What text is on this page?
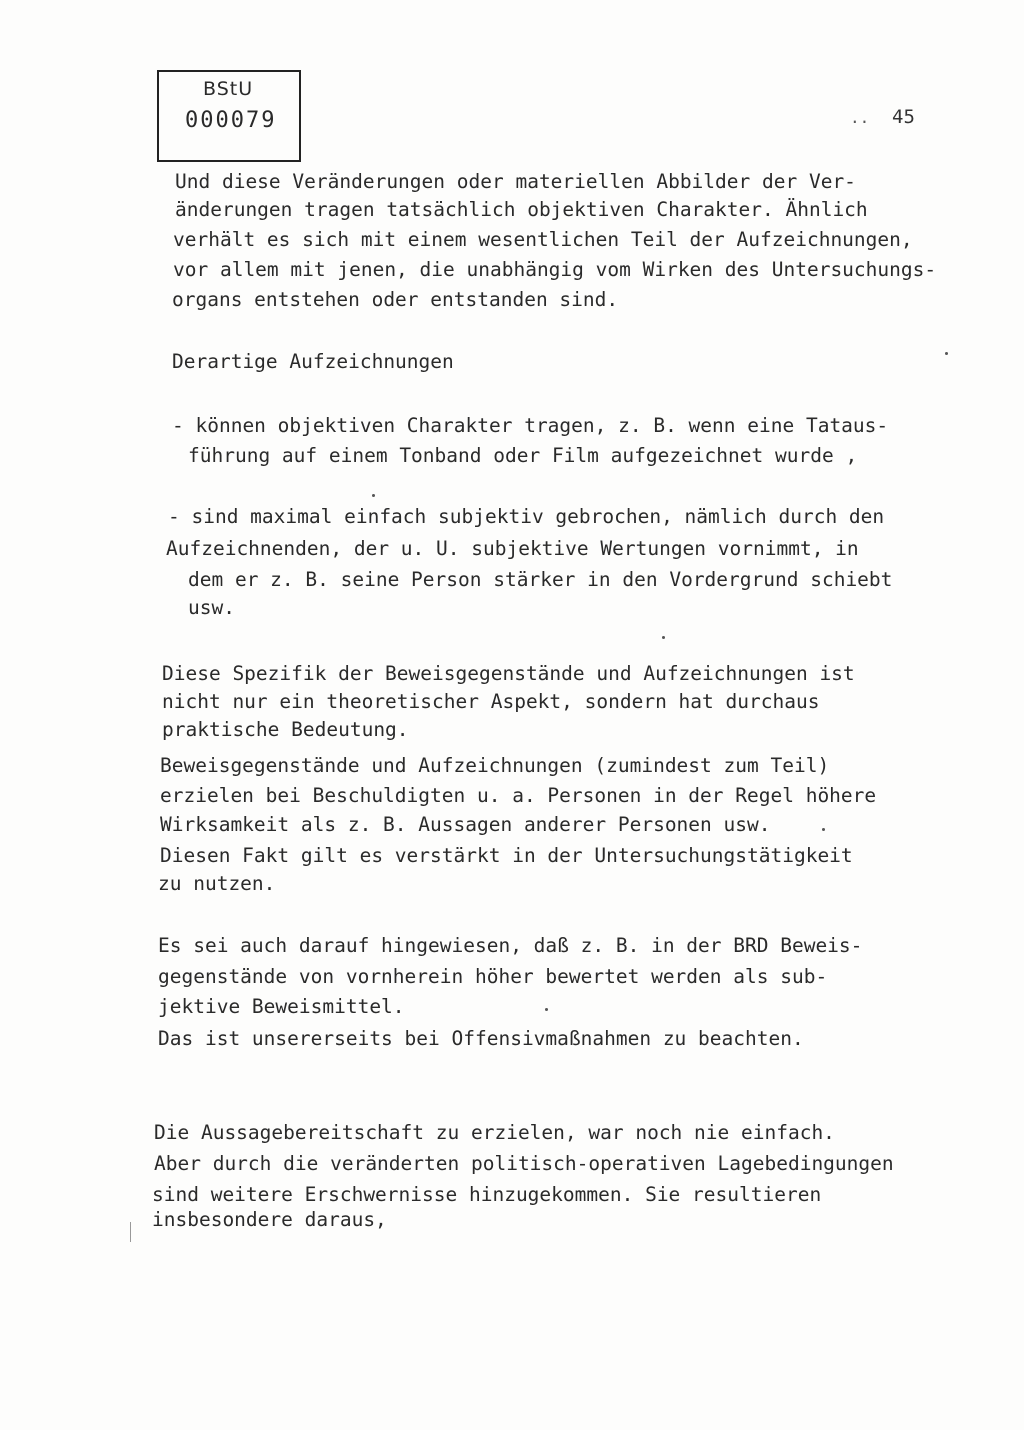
BStU
000079	.. 45
Und diese Veränderungen oder materiellen Abbilder der Ver-
änderungen tragen tatsächlich objektiven Charakter. Ähnlich
verhält es sich mit einem wesentlichen Teil der Aufzeichnungen,
vor allem mit jenen, die unabhängig vom Wirken des Untersuchungs-
organs entstehen oder entstanden sind.
Derartige Aufzeichnungen
- können objektiven Charakter tragen, z. B. wenn eine Tataus-
führung auf einem Tonband oder Film aufgezeichnet wurde ,
- sind maximal einfach subjektiv gebrochen, nämlich durch den
Aufzeichnenden, der u. U. subjektive Wertungen vornimmt, in
dem er z. B. seine Person stärker in den Vordergrund schiebt
usw.
Diese Spezifik der Beweisgegenstände und Aufzeichnungen ist
nicht nur ein theoretischer Aspekt, sondern hat durchaus
praktische Bedeutung.
Beweisgegenstände und Aufzeichnungen (zumindest zum Teil)
erzielen bei Beschuldigten u. a. Personen in der Regel höhere
Wirksamkeit als z. B. Aussagen anderer Personen usw.
Diesen Fakt gilt es verstärkt in der Untersuchungstätigkeit
zu nutzen.
Es sei auch darauf hingewiesen, daß z. B. in der BRD Beweis-
gegenstände von vornherein höher bewertet werden als sub-
jektive Beweismittel.
Das ist unsererseits bei Offensivmaßnahmen zu beachten.
Die Aussagebereitschaft zu erzielen, war noch nie einfach.
Aber durch die veränderten politisch-operativen Lagebedingungen
sind weitere Erschwernisse hinzugekommen. Sie resultieren
insbesondere daraus,
